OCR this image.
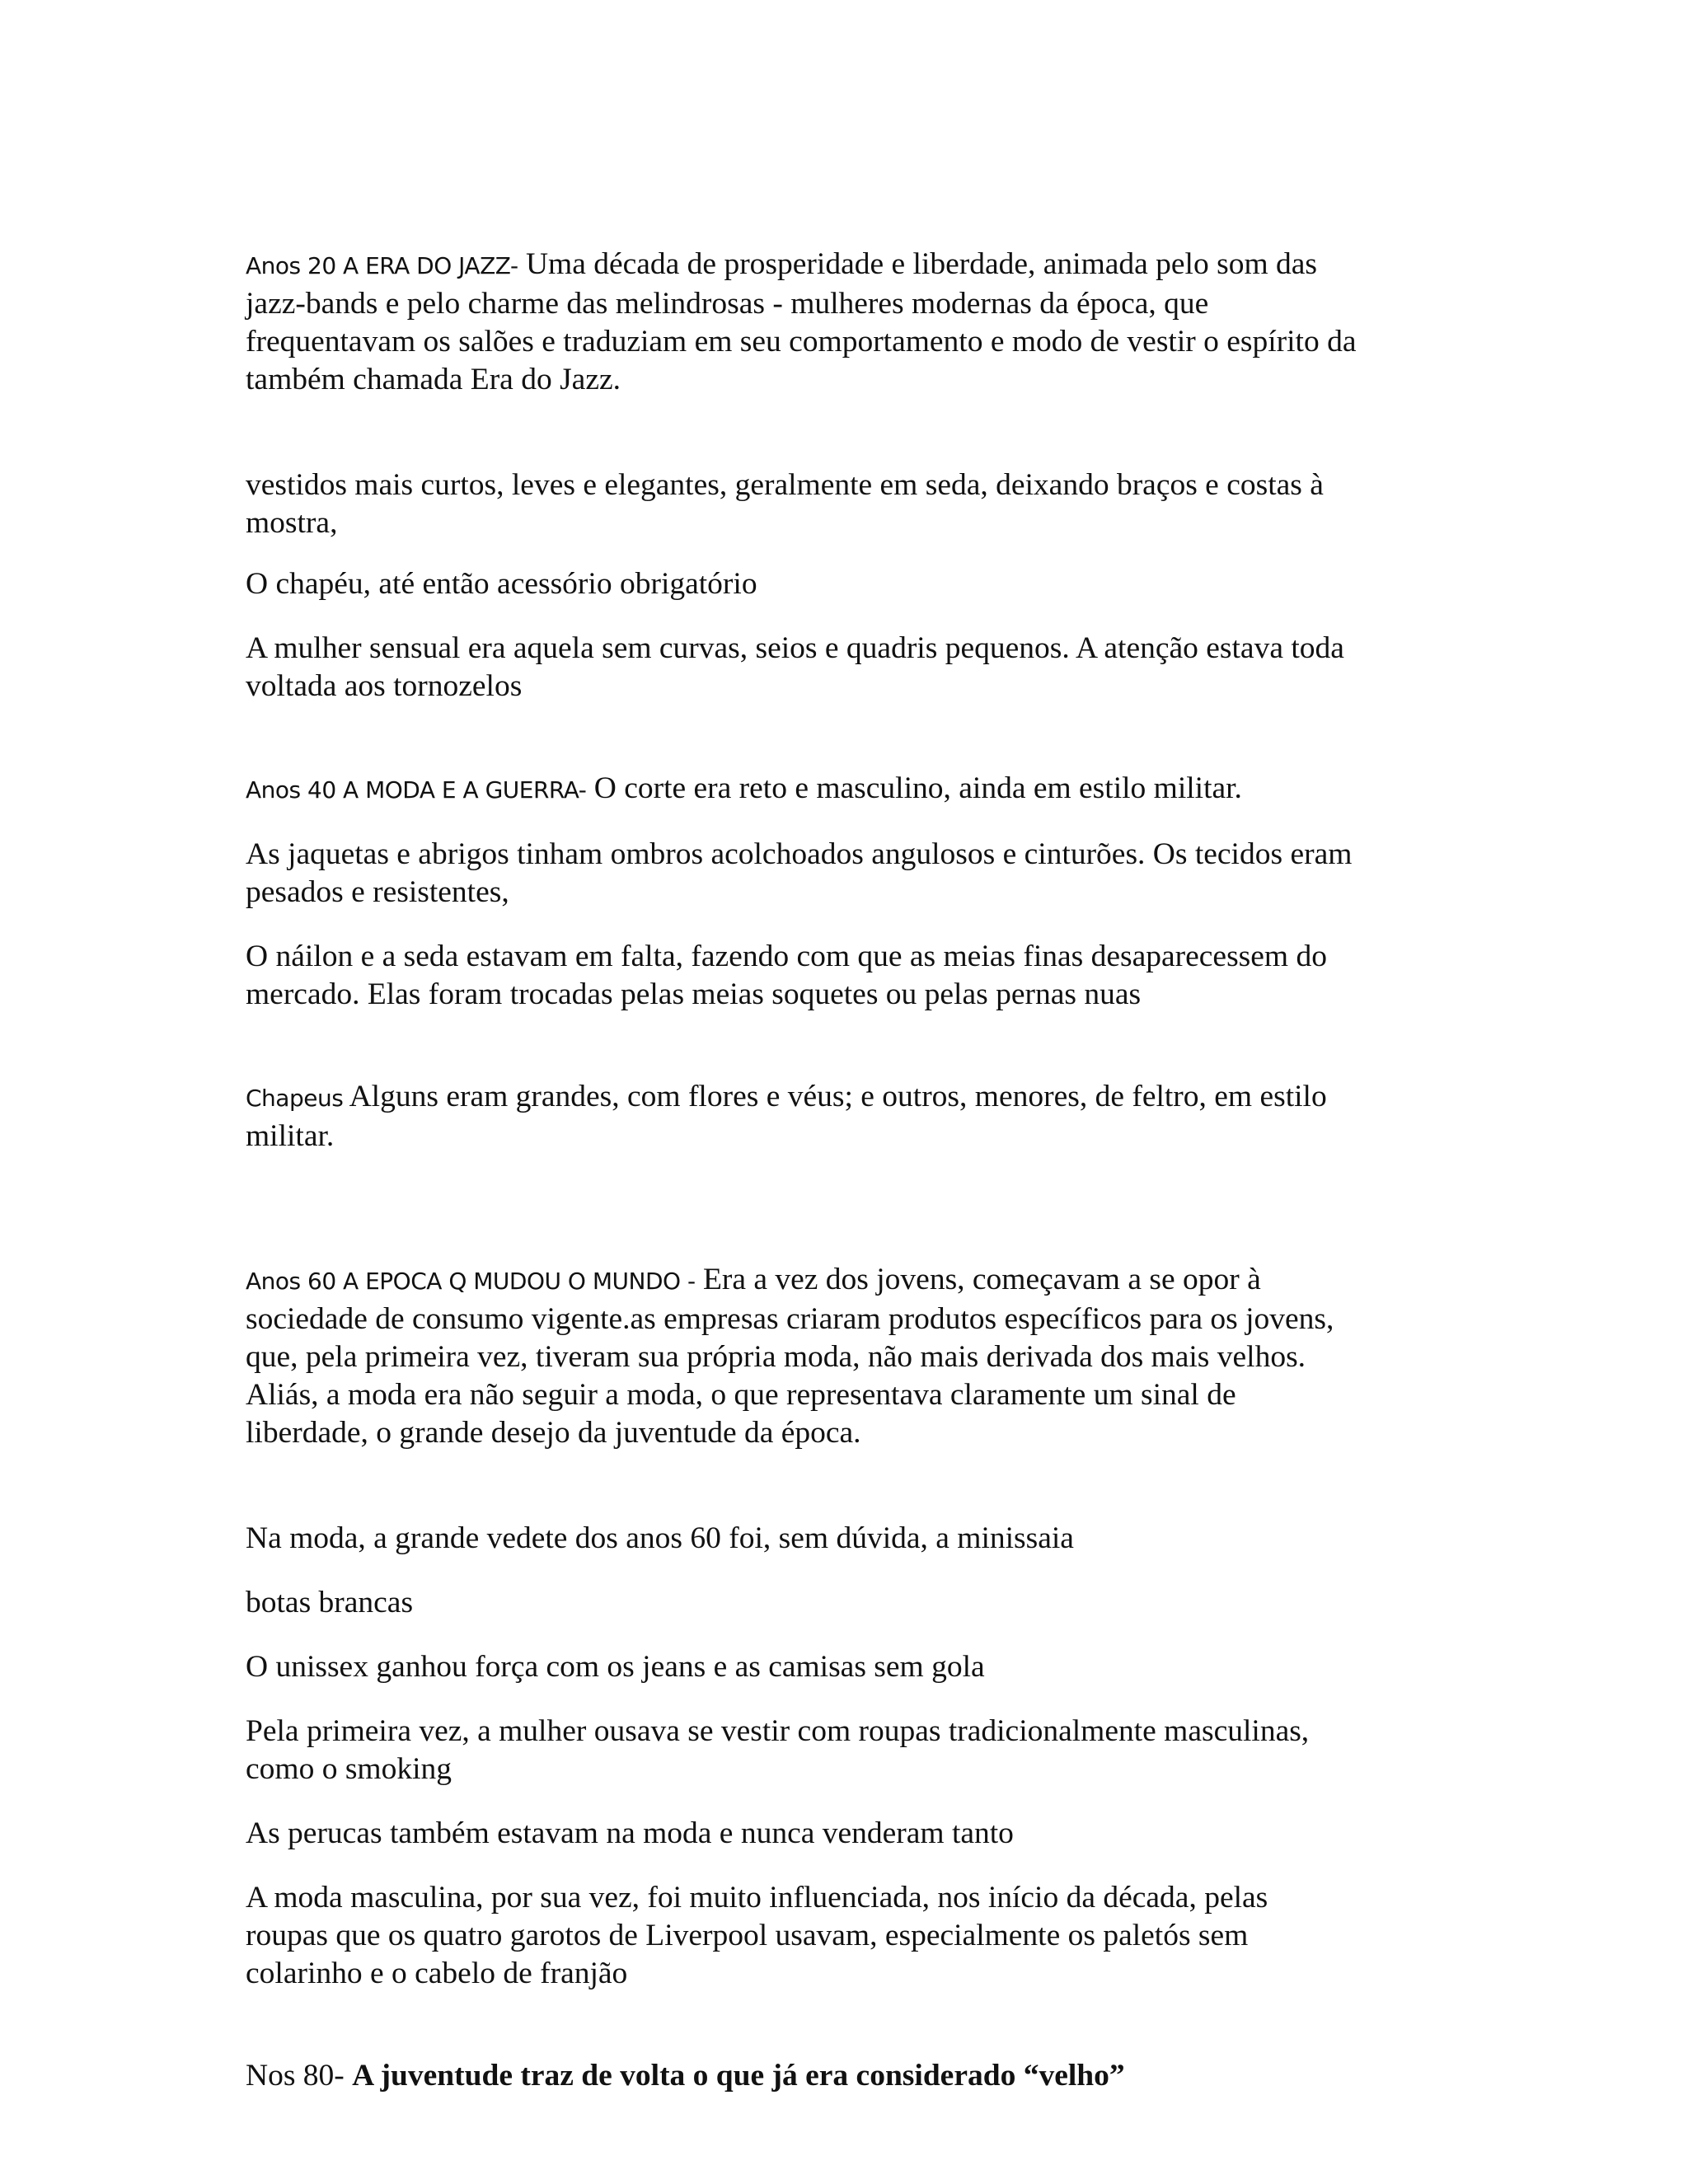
Anos 20 A ERA DO JAZZ- Uma década de prosperidade e liberdade, animada pelo som das
jazz-bands e pelo charme das melindrosas - mulheres modernas da época, que
frequentavam os salões e traduziam em seu comportamento e modo de vestir o espírito da
também chamada Era do Jazz.

vestidos mais curtos, leves e elegantes, geralmente em seda, deixando braços e costas à
mostra,

O chapéu, até então acessório obrigatório

A mulher sensual era aquela sem curvas, seios e quadris pequenos. A atenção estava toda
voltada aos tornozelos

Anos 40 A MODA E A GUERRA- O corte era reto e masculino, ainda em estilo militar.

As jaquetas e abrigos tinham ombros acolchoados angulosos e cinturões. Os tecidos eram
pesados e resistentes,

O náilon e a seda estavam em falta, fazendo com que as meias finas desaparecessem do
mercado. Elas foram trocadas pelas meias soquetes ou pelas pernas nuas

Chapeus Alguns eram grandes, com flores e véus; e outros, menores, de feltro, em estilo
militar.

Anos 60 A EPOCA Q MUDOU O MUNDO - Era a vez dos jovens, começavam a se opor à
sociedade de consumo vigente.as empresas criaram produtos específicos para os jovens,
que, pela primeira vez, tiveram sua própria moda, não mais derivada dos mais velhos.
Aliás, a moda era não seguir a moda, o que representava claramente um sinal de
liberdade, o grande desejo da juventude da época.

Na moda, a grande vedete dos anos 60 foi, sem dúvida, a minissaia

botas brancas

O unissex ganhou força com os jeans e as camisas sem gola

Pela primeira vez, a mulher ousava se vestir com roupas tradicionalmente masculinas,
como o smoking

As perucas também estavam na moda e nunca venderam tanto

A moda masculina, por sua vez, foi muito influenciada, nos início da década, pelas
roupas que os quatro garotos de Liverpool usavam, especialmente os paletós sem
colarinho e o cabelo de franjão

Nos 80- A juventude traz de volta o que já era considerado “velho”
